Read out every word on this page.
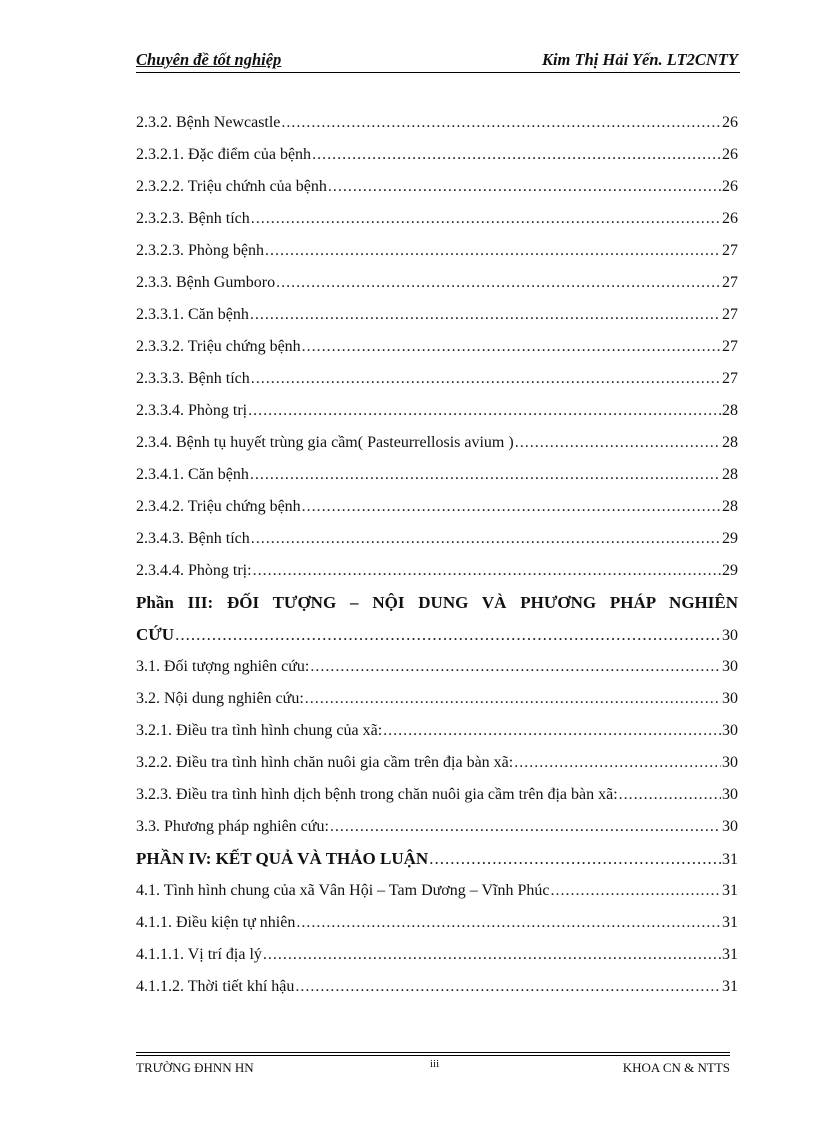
Chuyên đề tốt nghiệp	Kim Thị Hải Yến. LT2CNTY
2.3.2. Bệnh Newcastle .....	26
2.3.2.1. Đặc điểm của bệnh .....	26
2.3.2.2. Triệu chứnh của bệnh .....	26
2.3.2.3. Bệnh tích .....	26
2.3.2.3. Phòng bệnh .....	27
2.3.3. Bệnh Gumboro .....	27
2.3.3.1. Căn bệnh .....	27
2.3.3.2. Triệu chứng bệnh .....	27
2.3.3.3. Bệnh tích .....	27
2.3.3.4. Phòng trị .....	28
2.3.4. Bệnh tụ huyết trùng gia cầm( Pasteurrellosis avium ) .....	28
2.3.4.1. Căn bệnh .....	28
2.3.4.2. Triệu chứng bệnh .....	28
2.3.4.3. Bệnh tích .....	29
2.3.4.4. Phòng trị: .....	29
Phần III: ĐỐI TƯỢNG – NỘI DUNG VÀ PHƯƠNG PHÁP NGHIÊN
CỨU .....	30
3.1. Đối tượng nghiên cứu: .....	30
3.2. Nội dung nghiên cứu: .....	30
3.2.1. Điều tra tình hình chung của xã: .....	30
3.2.2. Điều tra tình hình chăn nuôi gia cầm trên địa bàn xã: .....	30
3.2.3. Điều tra tình hình dịch bệnh trong chăn nuôi gia cầm trên địa bàn xã: .....	30
3.3. Phương pháp nghiên cứu: .....	30
PHẦN IV: KẾT QUẢ VÀ THẢO LUẬN .....	31
4.1. Tình hình chung của xã Vân Hội – Tam Dương – Vĩnh Phúc .....	31
4.1.1. Điều kiện tự nhiên .....	31
4.1.1.1. Vị trí địa lý .....	31
4.1.1.2. Thời tiết khí hậu .....	31
TRƯỜNG ĐHNN HN	iii	KHOA CN & NTTS
